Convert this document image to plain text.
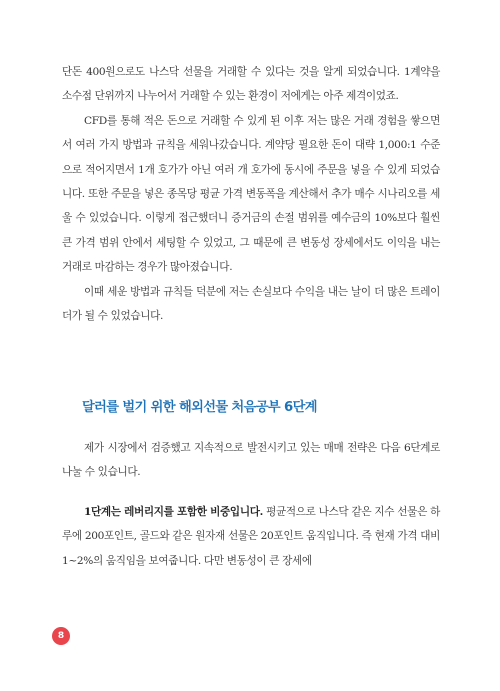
단돈 400원으로도 나스닥 선물을 거래할 수 있다는 것을 알게 되었습니다. 1계약을 소수점 단위까지 나누어서 거래할 수 있는 환경이 저에게는 아주 제격이었죠.

CFD를 통해 적은 돈으로 거래할 수 있게 된 이후 저는 많은 거래 경험을 쌓으면서 여러 가지 방법과 규칙을 세워나갔습니다. 계약당 필요한 돈이 대략 1,000:1 수준으로 적어지면서 1개 호가가 아닌 여러 개 호가에 동시에 주문을 넣을 수 있게 되었습니다. 또한 주문을 넣은 종목당 평균 가격 변동폭을 계산해서 추가 매수 시나리오를 세울 수 있었습니다. 이렇게 접근했더니 증거금의 손절 범위를 예수금의 10%보다 훨씬 큰 가격 범위 안에서 세팅할 수 있었고, 그 때문에 큰 변동성 장세에서도 이익을 내는 거래로 마감하는 경우가 많아졌습니다.

이때 세운 방법과 규칙들 덕분에 저는 손실보다 수익을 내는 날이 더 많은 트레이더가 될 수 있었습니다.

달러를 벌기 위한 해외선물 처음공부 6단계

제가 시장에서 검증했고 지속적으로 발전시키고 있는 매매 전략은 다음 6단계로 나눌 수 있습니다.

1단계는 레버리지를 포함한 비중입니다. 평균적으로 나스닥 같은 지수 선물은 하루에 200포인트, 골드와 같은 원자재 선물은 20포인트 움직입니다. 즉 현재 가격 대비 1~2%의 움직임을 보여줍니다. 다만 변동성이 큰 장세에

8
